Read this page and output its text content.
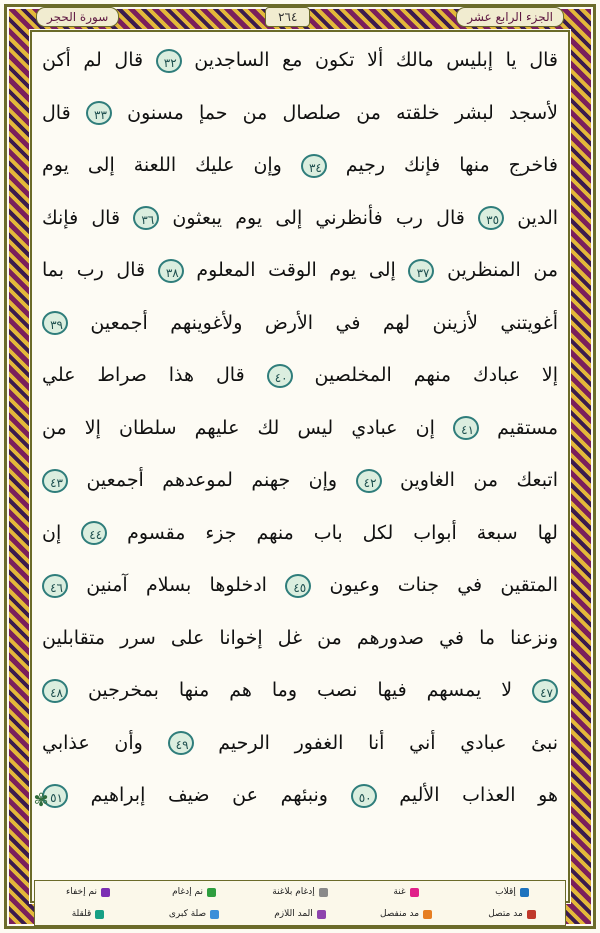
سورة الحجر	٢٦٤	الجزء الرابع عشر
قال يا إبليس مالك ألا تكون مع الساجدين ٣٢ قال لم أكن
لأسجد لبشر خلقته من صلصال من حمإ مسنون ٣٣ قال
فاخرج منها فإنك رجيم ٣٤ وإن عليك اللعنة إلى يوم
الدين ٣٥ قال رب فأنظرني إلى يوم يبعثون ٣٦ قال فإنك
من المنظرين ٣٧ إلى يوم الوقت المعلوم ٣٨ قال رب بما
أغويتني لأزينن لهم في الأرض ولأغوينهم أجمعين ٣٩
إلا عبادك منهم المخلصين ٤٠ قال هذا صراط علي
مستقيم ٤١ إن عبادي ليس لك عليهم سلطان إلا من
اتبعك من الغاوين ٤٢ وإن جهنم لموعدهم أجمعين ٤٣
لها سبعة أبواب لكل باب منهم جزء مقسوم ٤٤ إن
المتقين في جنات وعيون ٤٥ ادخلوها بسلام آمنين ٤٦
ونزعنا ما في صدورهم من غل إخوانا على سرر متقابلين
٤٧ لا يمسهم فيها نصب وما هم منها بمخرجين ٤٨
نبئ عبادي أني أنا الغفور الرحيم ٤٩ وأن عذابي
هو العذاب الأليم ٥٠ ونبئهم عن ضيف إبراهيم ٥١
✾
إقلاب
غنة
إدغام بلاغنة
نم إدغام
نم إخفاء
مد متصل
مد منفصل
المد اللازم
صلة كبرى
قلقلة
